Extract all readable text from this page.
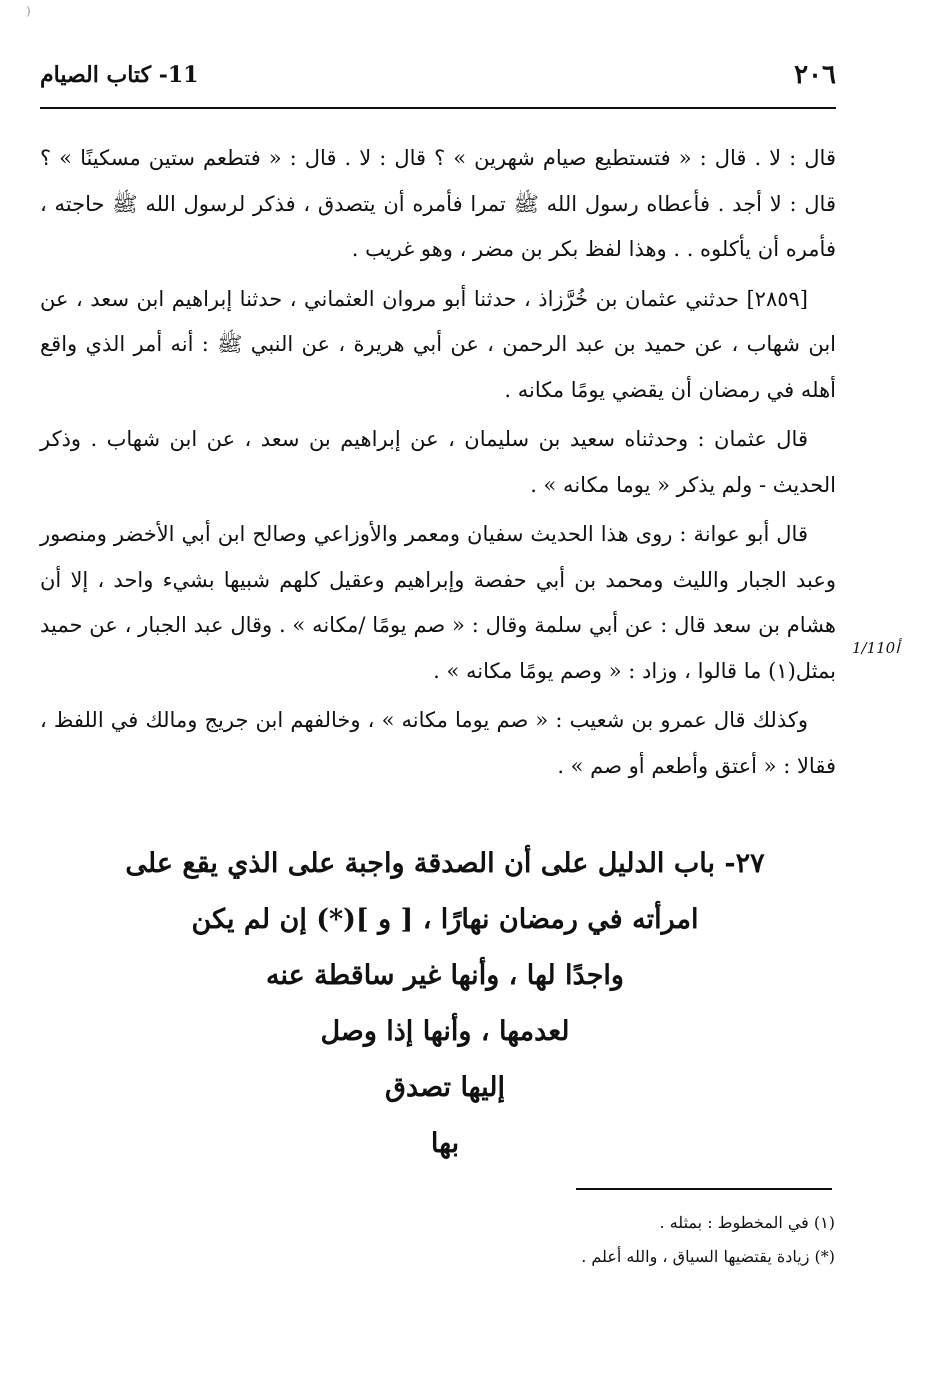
)
٢٠٦
11- كتاب الصيام

قال : لا . قال : « فتستطيع صيام شهرين » ؟ قال : لا . قال : « فتطعم ستين مسكينًا » ؟ قال : لا أجد . فأعطاه رسول الله ﷺ تمرا فأمره أن يتصدق ، فذكر لرسول الله ﷺ حاجته ، فأمره أن يأكلوه . . وهذا لفظ بكر بن مضر ، وهو غريب .

[٢٨٥٩] حدثني عثمان بن خُرَّزاذ ، حدثنا أبو مروان العثماني ، حدثنا إبراهيم ابن سعد ، عن ابن شهاب ، عن حميد بن عبد الرحمن ، عن أبي هريرة ، عن النبي ﷺ : أنه أمر الذي واقع أهله في رمضان أن يقضي يومًا مكانه .

قال عثمان : وحدثناه سعيد بن سليمان ، عن إبراهيم بن سعد ، عن ابن شهاب . وذكر الحديث - ولم يذكر « يوما مكانه » .

قال أبو عوانة : روى هذا الحديث سفيان ومعمر والأوزاعي وصالح ابن أبي الأخضر ومنصور وعبد الجبار والليث ومحمد بن أبي حفصة وإبراهيم وعقيل كلهم شبيها بشيء واحد ، إلا أن هشام بن سعد قال : عن أبي سلمة وقال : « صم يومًا /مكانه » . وقال عبد الجبار ، عن حميد بمثل(١) ما قالوا ، وزاد : « وصم يومًا مكانه » .

وكذلك قال عمرو بن شعيب : « صم يوما مكانه » ، وخالفهم ابن جريج ومالك في اللفظ ، فقالا : « أعتق وأطعم أو صم » .

1/110أ
٢٧- باب الدليل على أن الصدقة واجبة على الذي يقع على
امرأته في رمضان نهارًا ، [ و ](*) إن لم يكن
واجدًا لها ، وأنها غير ساقطة عنه
لعدمها ، وأنها إذا وصل
إليها تصدق
بها
(١) في المخطوط : بمثله .
(*) زيادة يقتضيها السياق ، والله أعلم .
